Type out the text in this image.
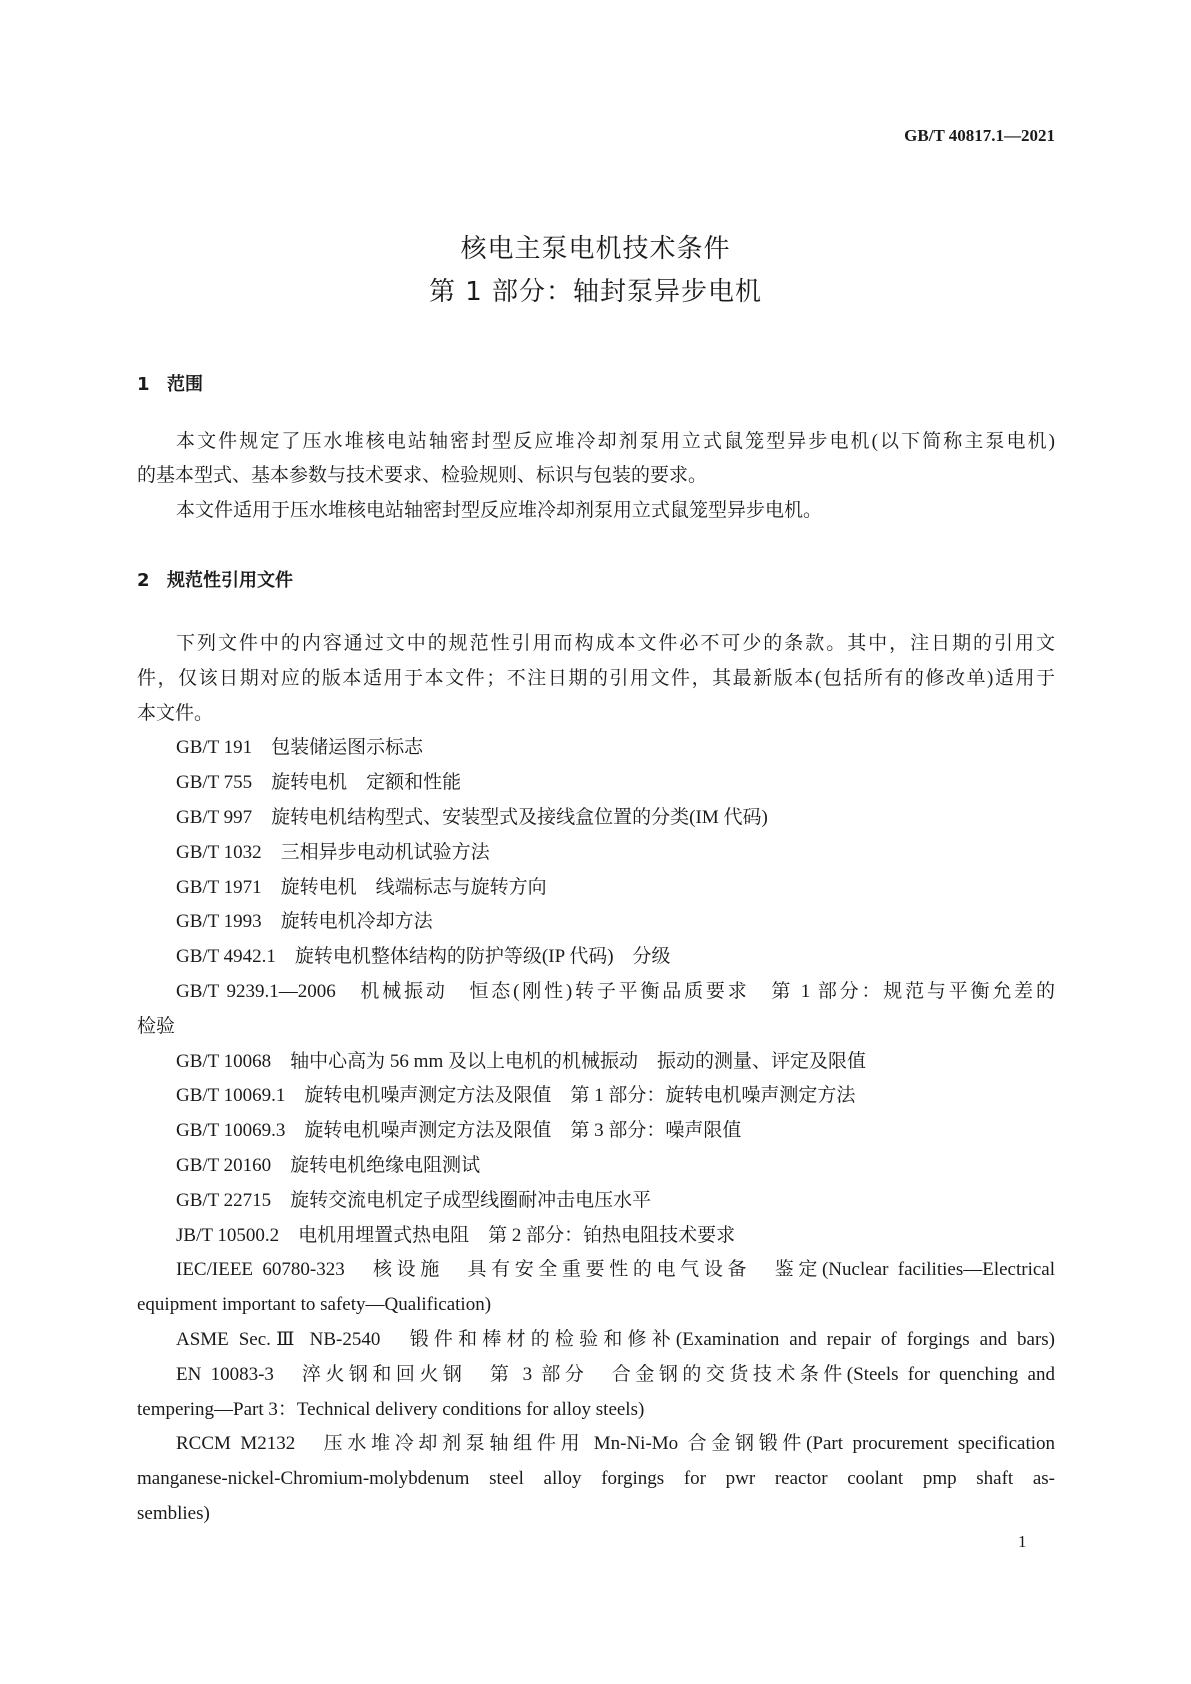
GB/T 40817.1—2021
核电主泵电机技术条件
第 1 部分：轴封泵异步电机
1 范围
本文件规定了压水堆核电站轴密封型反应堆冷却剂泵用立式鼠笼型异步电机(以下简称主泵电机)
的基本型式、基本参数与技术要求、检验规则、标识与包装的要求。
本文件适用于压水堆核电站轴密封型反应堆冷却剂泵用立式鼠笼型异步电机。
2 规范性引用文件
下列文件中的内容通过文中的规范性引用而构成本文件必不可少的条款。其中，注日期的引用文
件，仅该日期对应的版本适用于本文件；不注日期的引用文件，其最新版本(包括所有的修改单)适用于
本文件。
GB/T 191　包装储运图示标志
GB/T 755　旋转电机　定额和性能
GB/T 997　旋转电机结构型式、安装型式及接线盒位置的分类(IM 代码)
GB/T 1032　三相异步电动机试验方法
GB/T 1971　旋转电机　线端标志与旋转方向
GB/T 1993　旋转电机冷却方法
GB/T 4942.1　旋转电机整体结构的防护等级(IP 代码)　分级
GB/T 9239.1—2006　机械振动　恒态(刚性)转子平衡品质要求　第 1 部分：规范与平衡允差的
检验
GB/T 10068　轴中心高为 56 mm 及以上电机的机械振动　振动的测量、评定及限值
GB/T 10069.1　旋转电机噪声测定方法及限值　第 1 部分：旋转电机噪声测定方法
GB/T 10069.3　旋转电机噪声测定方法及限值　第 3 部分：噪声限值
GB/T 20160　旋转电机绝缘电阻测试
GB/T 22715　旋转交流电机定子成型线圈耐冲击电压水平
JB/T 10500.2　电机用埋置式热电阻　第 2 部分：铂热电阻技术要求
IEC/IEEE 60780-323　核设施　具有安全重要性的电气设备　鉴定(Nuclear facilities—Electrical
equipment important to safety—Qualification)
ASME Sec.Ⅲ NB-2540　锻件和棒材的检验和修补(Examination and repair of forgings and bars)
EN 10083-3　淬火钢和回火钢　第 3 部分　合金钢的交货技术条件(Steels for quenching and
tempering—Part 3：Technical delivery conditions for alloy steels)
RCCM M2132　压水堆冷却剂泵轴组件用 Mn-Ni-Mo 合金钢锻件(Part procurement specification
manganese-nickel-Chromium-molybdenum steel alloy forgings for pwr reactor coolant pmp shaft as-
semblies)
1
